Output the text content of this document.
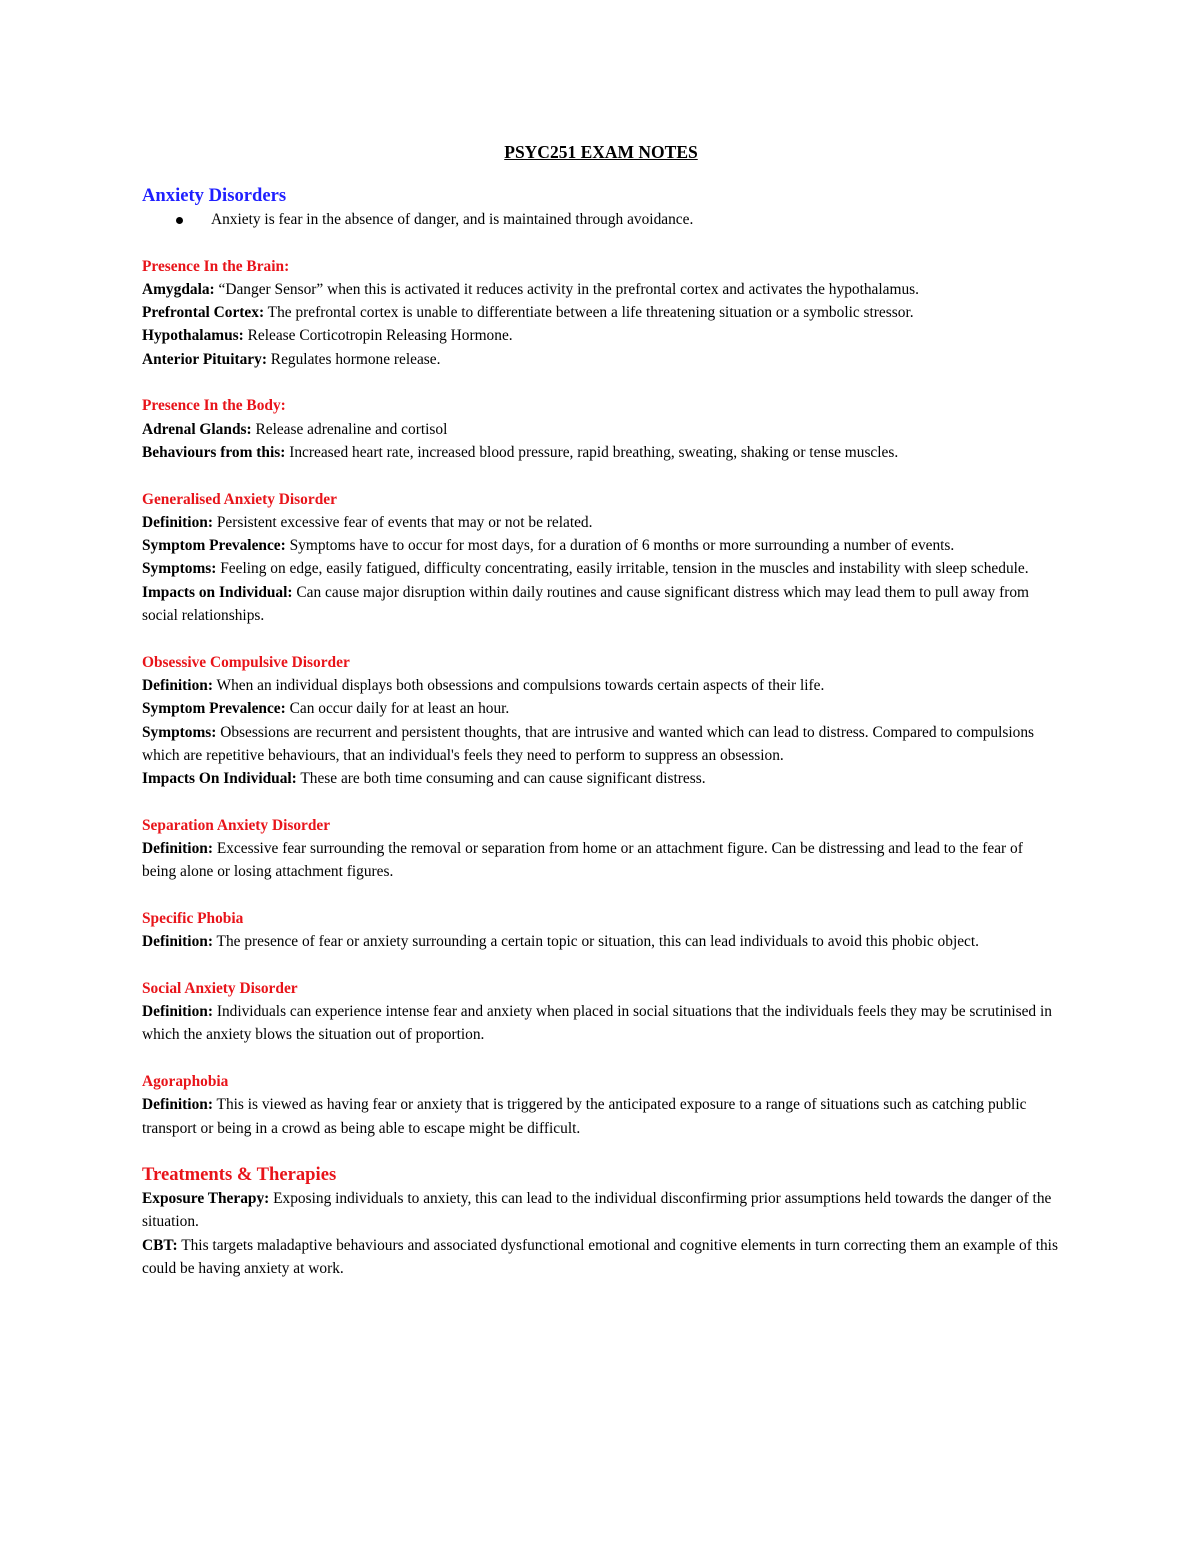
PSYC251 EXAM NOTES
Anxiety Disorders
Anxiety is fear in the absence of danger, and is maintained through avoidance.
Presence In the Brain:

Amygdala: “Danger Sensor” when this is activated it reduces activity in the prefrontal cortex and activates the hypothalamus.

Prefrontal Cortex: The prefrontal cortex is unable to differentiate between a life threatening situation or a symbolic stressor.

Hypothalamus: Release Corticotropin Releasing Hormone.

Anterior Pituitary: Regulates hormone release.

Presence In the Body:

Adrenal Glands: Release adrenaline and cortisol

Behaviours from this: Increased heart rate, increased blood pressure, rapid breathing, sweating, shaking or tense muscles.

Generalised Anxiety Disorder

Definition: Persistent excessive fear of events that may or not be related.

Symptom Prevalence: Symptoms have to occur for most days, for a duration of 6 months or more surrounding a number of events.

Symptoms: Feeling on edge, easily fatigued, difficulty concentrating, easily irritable, tension in the muscles and instability with sleep schedule.

Impacts on Individual: Can cause major disruption within daily routines and cause significant distress which may lead them to pull away from social relationships.

Obsessive Compulsive Disorder

Definition: When an individual displays both obsessions and compulsions towards certain aspects of their life.

Symptom Prevalence: Can occur daily for at least an hour.

Symptoms: Obsessions are recurrent and persistent thoughts, that are intrusive and wanted which can lead to distress. Compared to compulsions which are repetitive behaviours, that an individual's feels they need to perform to suppress an obsession.

Impacts On Individual: These are both time consuming and can cause significant distress.

Separation Anxiety Disorder

Definition: Excessive fear surrounding the removal or separation from home or an attachment figure. Can be distressing and lead to the fear of being alone or losing attachment figures.

Specific Phobia

Definition: The presence of fear or anxiety surrounding a certain topic or situation, this can lead individuals to avoid this phobic object.

Social Anxiety Disorder

Definition: Individuals can experience intense fear and anxiety when placed in social situations that the individuals feels they may be scrutinised in which the anxiety blows the situation out of proportion.

Agoraphobia

Definition: This is viewed as having fear or anxiety that is triggered by the anticipated exposure to a range of situations such as catching public transport or being in a crowd as being able to escape might be difficult.

Treatments & Therapies

Exposure Therapy: Exposing individuals to anxiety, this can lead to the individual disconfirming prior assumptions held towards the danger of the situation.

CBT: This targets maladaptive behaviours and associated dysfunctional emotional and cognitive elements in turn correcting them an example of this could be having anxiety at work.
